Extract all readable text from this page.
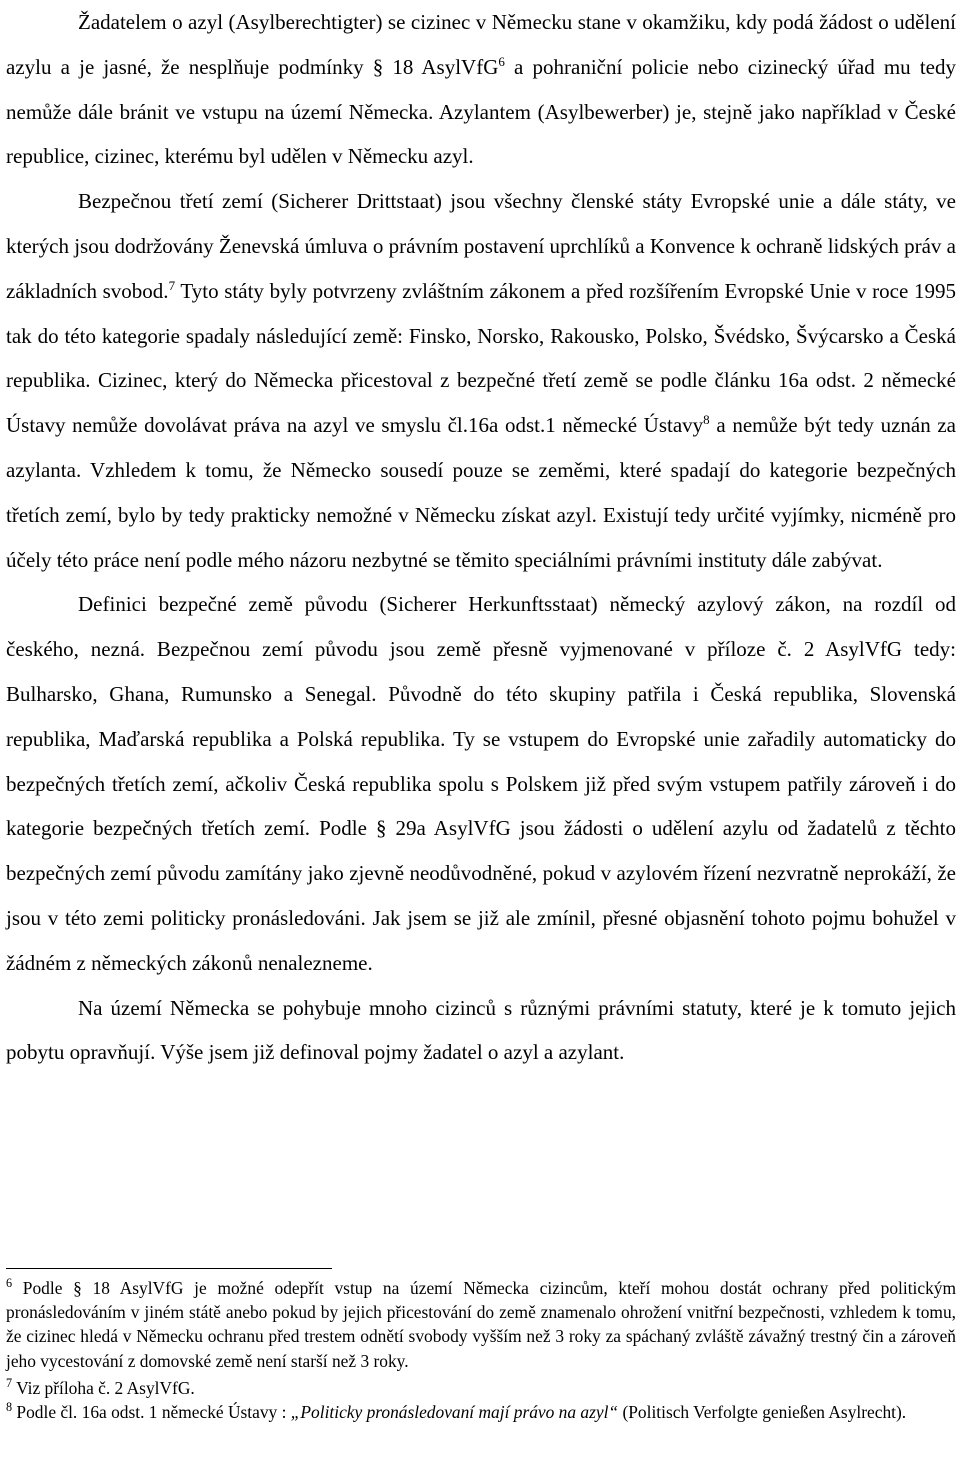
Žadatelem o azyl (Asylberechtigter) se cizinec v Německu stane v okamžiku, kdy podá žádost o udělení azylu a je jasné, že nesplňuje podmínky § 18 AsylVfG$^6$ a pohraniční policie nebo cizinecký úřad mu tedy nemůže dále bránit ve vstupu na území Německa. Azylantem (Asylbewerber) je, stejně jako například v České republice, cizinec, kterému byl udělen v Německu azyl.

Bezpečnou třetí zemí (Sicherer Drittstaat) jsou všechny členské státy Evropské unie a dále státy, ve kterých jsou dodržovány Ženevská úmluva o právním postavení uprchlíků a Konvence k ochraně lidských práv a základních svobod.$^7$ Tyto státy byly potvrzeny zvláštním zákonem a před rozšířením Evropské Unie v roce 1995 tak do této kategorie spadaly následující země: Finsko, Norsko, Rakousko, Polsko, Švédsko, Švýcarsko a Česká republika. Cizinec, který do Německa přicestoval z bezpečné třetí země se podle článku 16a odst. 2 německé Ústavy nemůže dovolávat práva na azyl ve smyslu čl.16a odst.1 německé Ústavy$^8$ a nemůže být tedy uznán za azylanta. Vzhledem k tomu, že Německo sousedí pouze se zeměmi, které spadají do kategorie bezpečných třetích zemí, bylo by tedy prakticky nemožné v Německu získat azyl. Existují tedy určité vyjímky, nicméně pro účely této práce není podle mého názoru nezbytné se těmito speciálními právními instituty dále zabývat.

Definici bezpečné země původu (Sicherer Herkunftsstaat) německý azylový zákon, na rozdíl od českého, nezná. Bezpečnou zemí původu jsou země přesně vyjmenované v příloze č. 2 AsylVfG tedy: Bulharsko, Ghana, Rumunsko a Senegal. Původně do této skupiny patřila i Česká republika, Slovenská republika, Maďarská republika a Polská republika. Ty se vstupem do Evropské unie zařadily automaticky do bezpečných třetích zemí, ačkoliv Česká republika spolu s Polskem již před svým vstupem patřily zároveň i do kategorie bezpečných třetích zemí. Podle § 29a AsylVfG jsou žádosti o udělení azylu od žadatelů z těchto bezpečných zemí původu zamítány jako zjevně neodůvodněné, pokud v azylovém řízení nezvratně neprokáží, že jsou v této zemi politicky pronásledováni. Jak jsem se již ale zmínil, přesné objasnění tohoto pojmu bohužel v žádném z německých zákonů nenalezneme.

Na území Německa se pohybuje mnoho cizinců s různými právními statuty, které je k tomuto jejich pobytu opravňují. Výše jsem již definoval pojmy žadatel o azyl a azylant.

$^6$ Podle § 18 AsylVfG je možné odepřít vstup na území Německa cizincům, kteří mohou dostát ochrany před politickým pronásledováním v jiném státě anebo pokud by jejich přicestování do země znamenalo ohrožení vnitřní bezpečnosti, vzhledem k tomu, že cizinec hledá v Německu ochranu před trestem odnětí svobody vyšším než 3 roky za spáchaný zvláště závažný trestný čin a zároveň jeho vycestování z domovské země není starší než 3 roky.

$^7$ Viz příloha č. 2 AsylVfG.

$^8$ Podle čl. 16a odst. 1 německé Ústavy : „Politicky pronásledovaní mají právo na azyl“ (Politisch Verfolgte genießen Asylrecht).
